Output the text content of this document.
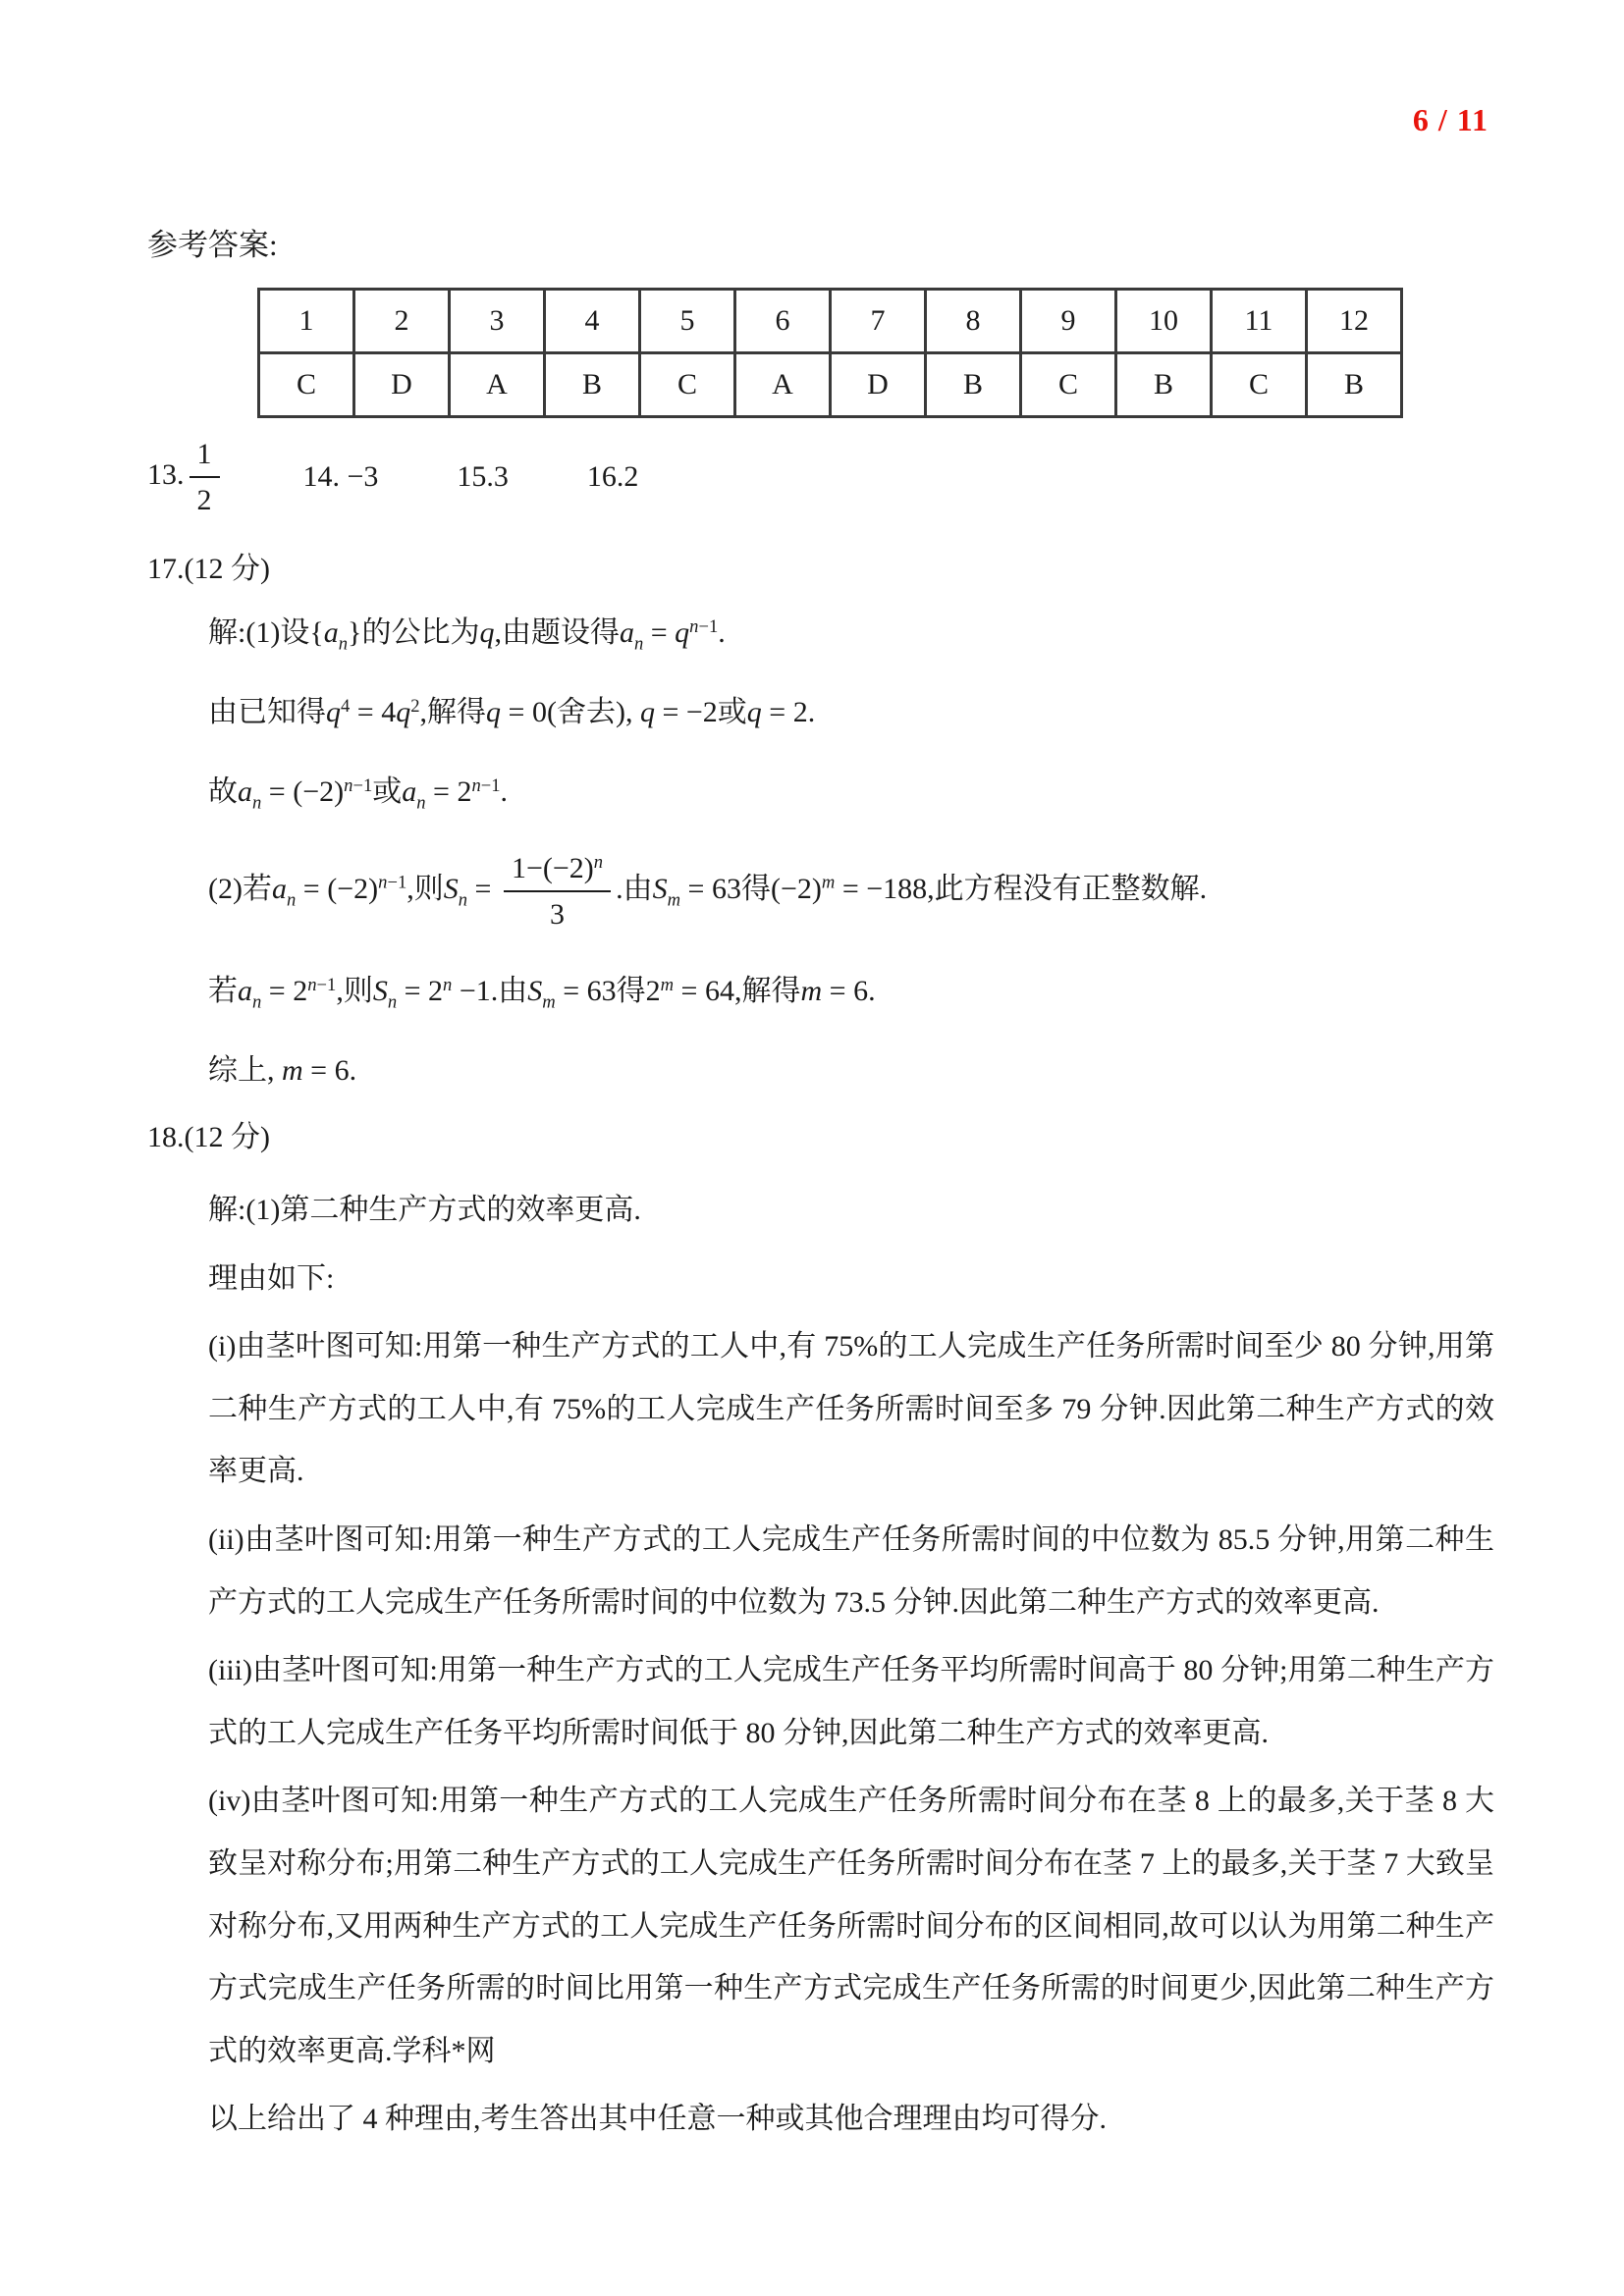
6 / 11
参考答案:
1	2	3	4	5	6	7	8	9	10	11	12
C	D	A	B	C	A	D	B	C	B	C	B
13. $\frac{1}{2}$	14. −3	15.3	16.2
17.(12 分)
解:(1)设$\{a_n\}$的公比为q,由题设得$a_n = q^{n-1}$.
由已知得$q^4 = 4q^2$,解得q = 0(舍去), q = −2或q = 2.
故$a_n = (-2)^{n-1}$或$a_n = 2^{n-1}$.
(2)若$a_n = (-2)^{n-1}$,则$S_n = \frac{1-(-2)^n}{3}$ .由$S_m = 63$得$(-2)^m = -188$,此方程没有正整数解.
若$a_n = 2^{n-1}$,则$S_n = 2^n -1$.由$S_m = 63$得$2^m = 64$,解得m = 6.
综上, m = 6.
18.(12 分)

解:(1)第二种生产方式的效率更高.

理由如下:

(i)由茎叶图可知:用第一种生产方式的工人中,有 75%的工人完成生产任务所需时间至少 80 分钟,用第二种生产方式的工人中,有 75%的工人完成生产任务所需时间至多 79 分钟.因此第二种生产方式的效率更高.

(ii)由茎叶图可知:用第一种生产方式的工人完成生产任务所需时间的中位数为 85.5 分钟,用第二种生产方式的工人完成生产任务所需时间的中位数为 73.5 分钟.因此第二种生产方式的效率更高.

(iii)由茎叶图可知:用第一种生产方式的工人完成生产任务平均所需时间高于 80 分钟;用第二种生产方式的工人完成生产任务平均所需时间低于 80 分钟,因此第二种生产方式的效率更高.

(iv)由茎叶图可知:用第一种生产方式的工人完成生产任务所需时间分布在茎 8 上的最多,关于茎 8 大致呈对称分布;用第二种生产方式的工人完成生产任务所需时间分布在茎 7 上的最多,关于茎 7 大致呈对称分布,又用两种生产方式的工人完成生产任务所需时间分布的区间相同,故可以认为用第二种生产方式完成生产任务所需的时间比用第一种生产方式完成生产任务所需的时间更少,因此第二种生产方式的效率更高.学科*网

以上给出了 4 种理由,考生答出其中任意一种或其他合理理由均可得分.
